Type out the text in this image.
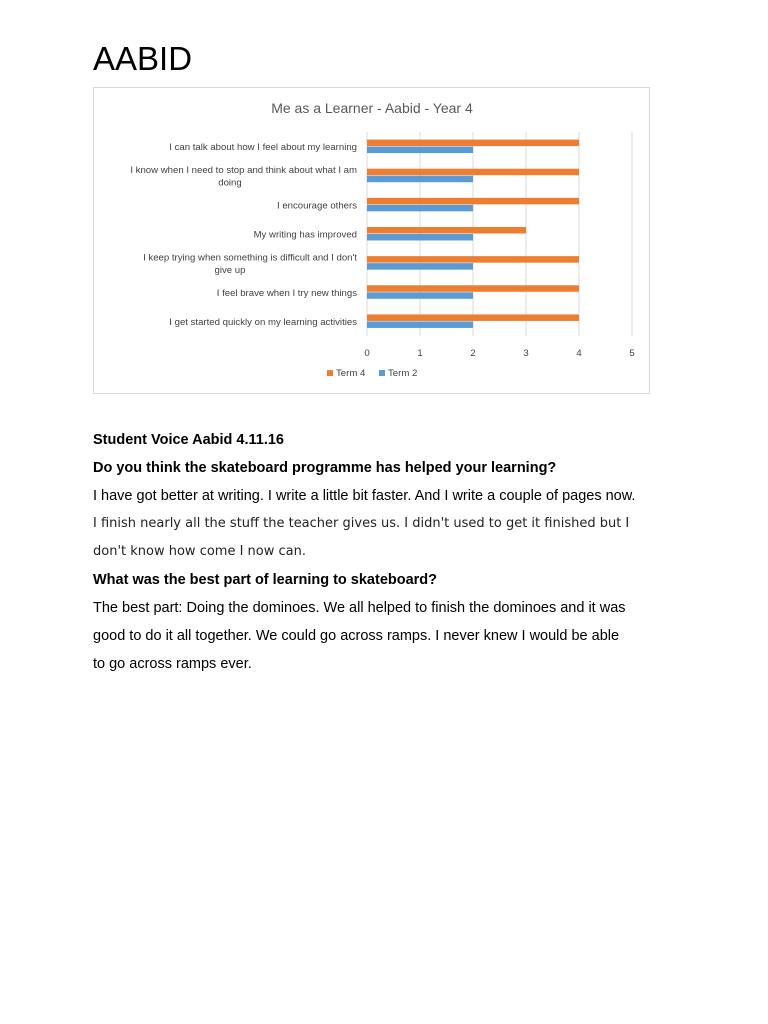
AABID
Me as a Learner - Aabid - Year 4
0	1	2	3	4	5
I can talk about how I feel about my learning
I know when I need to stop and think about what I am
doing
I encourage others
My writing has improved
I keep trying when something is difficult and I don't
give up
I feel brave when I try new things
I get started quickly on my learning activities
Term 4 Term 2
Student Voice Aabid 4.11.16
Do you think the skateboard programme has helped your learning?
I have got better at writing. I write a little bit faster. And I write a couple of pages now.
I finish nearly all the stuff the teacher gives us. I didn't used to get it finished but I
don't know how come I now can.
What was the best part of learning to skateboard?
The best part: Doing the dominoes. We all helped to finish the dominoes and it was
good to do it all together. We could go across ramps. I never knew I would be able
to go across ramps ever.
